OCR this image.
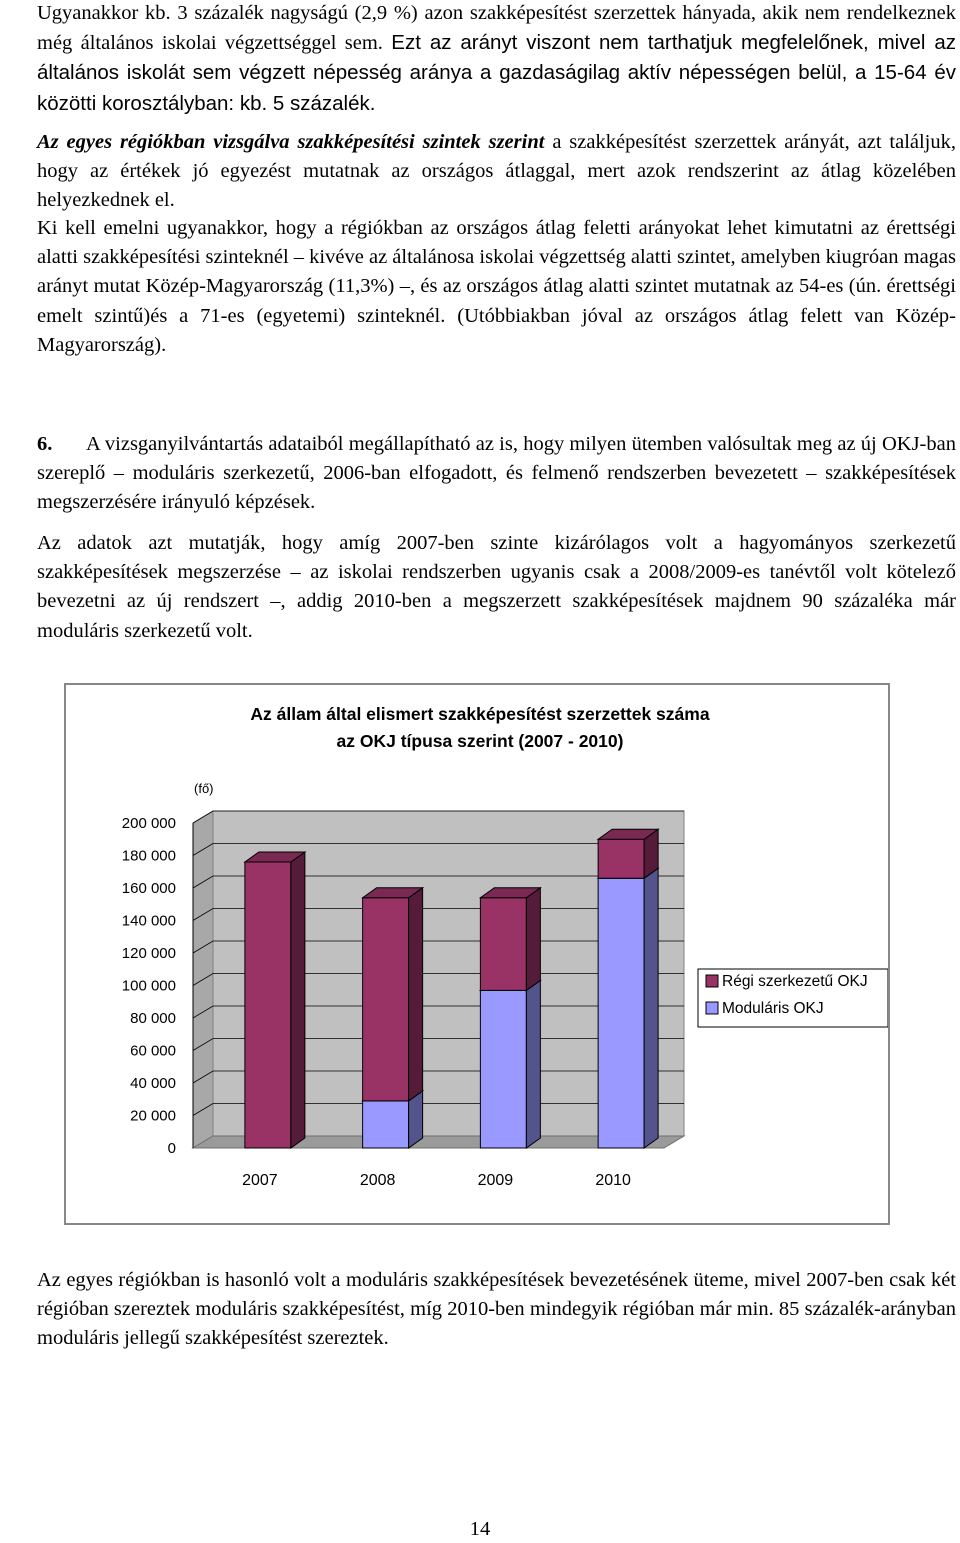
Ugyanakkor kb. 3 százalék nagyságú (2,9 %) azon szakképesítést szerzettek hányada, akik nem rendelkeznek még általános iskolai végzettséggel sem. Ezt az arányt viszont nem tarthatjuk megfelelőnek, mivel az általános iskolát sem végzett népesség aránya a gazdaságilag aktív népességen belül, a 15-64 év közötti korosztályban: kb. 5 százalék.

Az egyes régiókban vizsgálva szakképesítési szintek szerint a szakképesítést szerzettek arányát, azt találjuk, hogy az értékek jó egyezést mutatnak az országos átlaggal, mert azok rendszerint az átlag közelében helyezkednek el.

Ki kell emelni ugyanakkor, hogy a régiókban az országos átlag feletti arányokat lehet kimutatni az érettségi alatti szakképesítési szinteknél – kivéve az általánosa iskolai végzettség alatti szintet, amelyben kiugróan magas arányt mutat Közép-Magyarország (11,3%) –, és az országos átlag alatti szintet mutatnak az 54-es (ún. érettségi emelt szintű)és a 71-es (egyetemi) szinteknél. (Utóbbiakban jóval az országos átlag felett van Közép-Magyarország).

6. A vizsganyilvántartás adataiból megállapítható az is, hogy milyen ütemben valósultak meg az új OKJ-ban szereplő – moduláris szerkezetű, 2006-ban elfogadott, és felmenő rendszerben bevezetett – szakképesítések megszerzésére irányuló képzések.

Az adatok azt mutatják, hogy amíg 2007-ben szinte kizárólagos volt a hagyományos szerkezetű szakképesítések megszerzése – az iskolai rendszerben ugyanis csak a 2008/2009-es tanévtől volt kötelező bevezetni az új rendszert –, addig 2010-ben a megszerzett szakképesítések majdnem 90 százaléka már moduláris szerkezetű volt.

Az egyes régiókban is hasonló volt a moduláris szakképesítések bevezetésének üteme, mivel 2007-ben csak két régióban szereztek moduláris szakképesítést, míg 2010-ben mindegyik régióban már min. 85 százalék-arányban moduláris jellegű szakképesítést szereztek.

Az állam által elismert szakképesítést szerzettek száma
az OKJ típusa szerint (2007 - 2010)
(fő)
0
20 000
40 000
60 000
80 000
100 000
120 000
140 000
160 000
180 000
200 000
2007	2008	2009	2010
Régi szerkezetű OKJ
Moduláris OKJ
14
